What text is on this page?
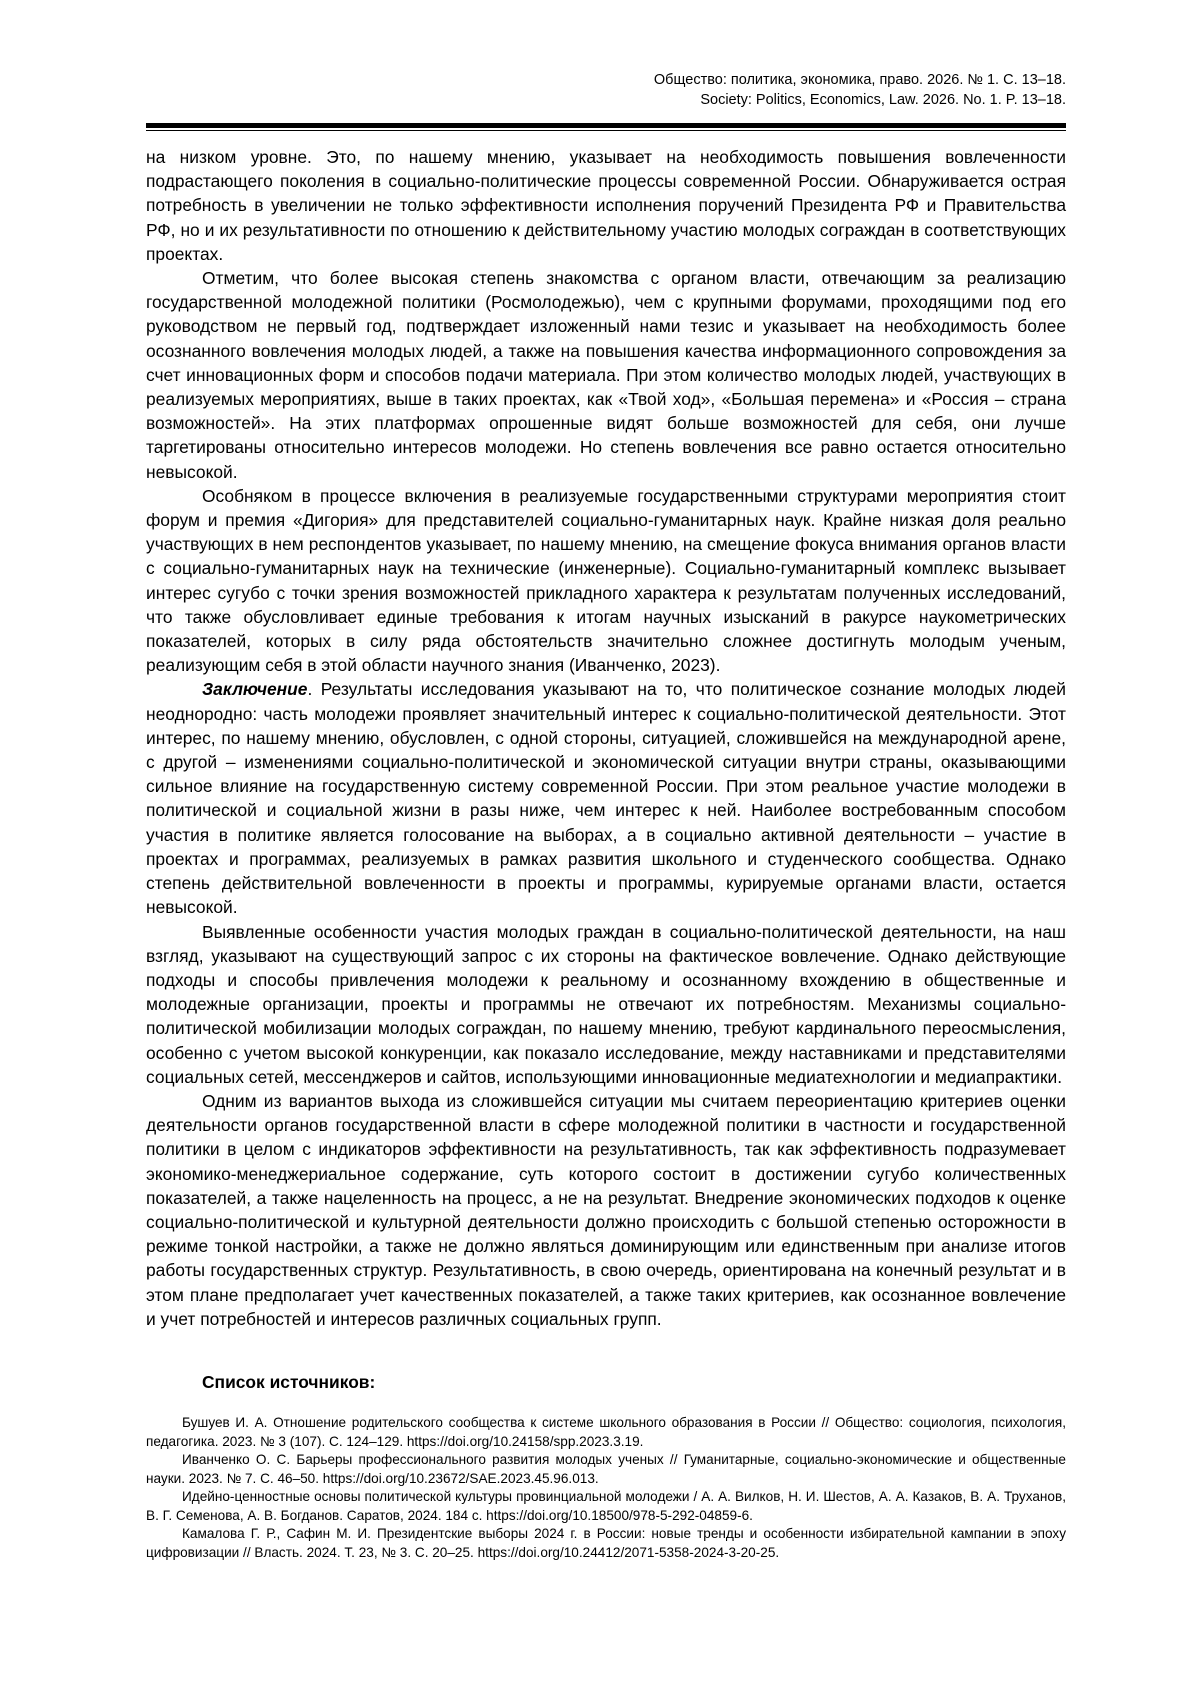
Общество: политика, экономика, право. 2026. № 1. С. 13–18.
Society: Politics, Economics, Law. 2026. No. 1. P. 13–18.

на низком уровне. Это, по нашему мнению, указывает на необходимость повышения вовлеченности подрастающего поколения в социально-политические процессы современной России. Обнаруживается острая потребность в увеличении не только эффективности исполнения поручений Президента РФ и Правительства РФ, но и их результативности по отношению к действительному участию молодых сограждан в соответствующих проектах.

Отметим, что более высокая степень знакомства с органом власти, отвечающим за реализацию государственной молодежной политики (Росмолодежью), чем с крупными форумами, проходящими под его руководством не первый год, подтверждает изложенный нами тезис и указывает на необходимость более осознанного вовлечения молодых людей, а также на повышения качества информационного сопровождения за счет инновационных форм и способов подачи материала. При этом количество молодых людей, участвующих в реализуемых мероприятиях, выше в таких проектах, как «Твой ход», «Большая перемена» и «Россия – страна возможностей». На этих платформах опрошенные видят больше возможностей для себя, они лучше таргетированы относительно интересов молодежи. Но степень вовлечения все равно остается относительно невысокой.

Особняком в процессе включения в реализуемые государственными структурами мероприятия стоит форум и премия «Дигория» для представителей социально-гуманитарных наук. Крайне низкая доля реально участвующих в нем респондентов указывает, по нашему мнению, на смещение фокуса внимания органов власти с социально-гуманитарных наук на технические (инженерные). Социально-гуманитарный комплекс вызывает интерес сугубо с точки зрения возможностей прикладного характера к результатам полученных исследований, что также обусловливает единые требования к итогам научных изысканий в ракурсе наукометрических показателей, которых в силу ряда обстоятельств значительно сложнее достигнуть молодым ученым, реализующим себя в этой области научного знания (Иванченко, 2023).

Заключение. Результаты исследования указывают на то, что политическое сознание молодых людей неоднородно: часть молодежи проявляет значительный интерес к социально-политической деятельности. Этот интерес, по нашему мнению, обусловлен, с одной стороны, ситуацией, сложившейся на международной арене, с другой – изменениями социально-политической и экономической ситуации внутри страны, оказывающими сильное влияние на государственную систему современной России. При этом реальное участие молодежи в политической и социальной жизни в разы ниже, чем интерес к ней. Наиболее востребованным способом участия в политике является голосование на выборах, а в социально активной деятельности – участие в проектах и программах, реализуемых в рамках развития школьного и студенческого сообщества. Однако степень действительной вовлеченности в проекты и программы, курируемые органами власти, остается невысокой.

Выявленные особенности участия молодых граждан в социально-политической деятельности, на наш взгляд, указывают на существующий запрос с их стороны на фактическое вовлечение. Однако действующие подходы и способы привлечения молодежи к реальному и осознанному вхождению в общественные и молодежные организации, проекты и программы не отвечают их потребностям. Механизмы социально-политической мобилизации молодых сограждан, по нашему мнению, требуют кардинального переосмысления, особенно с учетом высокой конкуренции, как показало исследование, между наставниками и представителями социальных сетей, мессенджеров и сайтов, использующими инновационные медиатехнологии и медиапрактики.

Одним из вариантов выхода из сложившейся ситуации мы считаем переориентацию критериев оценки деятельности органов государственной власти в сфере молодежной политики в частности и государственной политики в целом с индикаторов эффективности на результативность, так как эффективность подразумевает экономико-менеджериальное содержание, суть которого состоит в достижении сугубо количественных показателей, а также нацеленность на процесс, а не на результат. Внедрение экономических подходов к оценке социально-политической и культурной деятельности должно происходить с большой степенью осторожности в режиме тонкой настройки, а также не должно являться доминирующим или единственным при анализе итогов работы государственных структур. Результативность, в свою очередь, ориентирована на конечный результат и в этом плане предполагает учет качественных показателей, а также таких критериев, как осознанное вовлечение и учет потребностей и интересов различных социальных групп.

Список источников:

Бушуев И. А. Отношение родительского сообщества к системе школьного образования в России // Общество: социология, психология, педагогика. 2023. № 3 (107). С. 124–129. https://doi.org/10.24158/spp.2023.3.19.

Иванченко О. С. Барьеры профессионального развития молодых ученых // Гуманитарные, социально-экономические и общественные науки. 2023. № 7. С. 46–50. https://doi.org/10.23672/SAE.2023.45.96.013.

Идейно-ценностные основы политической культуры провинциальной молодежи / А. А. Вилков, Н. И. Шестов, А. А. Казаков, В. А. Труханов, В. Г. Семенова, А. В. Богданов. Саратов, 2024. 184 с. https://doi.org/10.18500/978-5-292-04859-6.

Камалова Г. Р., Сафин М. И. Президентские выборы 2024 г. в России: новые тренды и особенности избирательной кампании в эпоху цифровизации // Власть. 2024. Т. 23, № 3. С. 20–25. https://doi.org/10.24412/2071-5358-2024-3-20-25.
